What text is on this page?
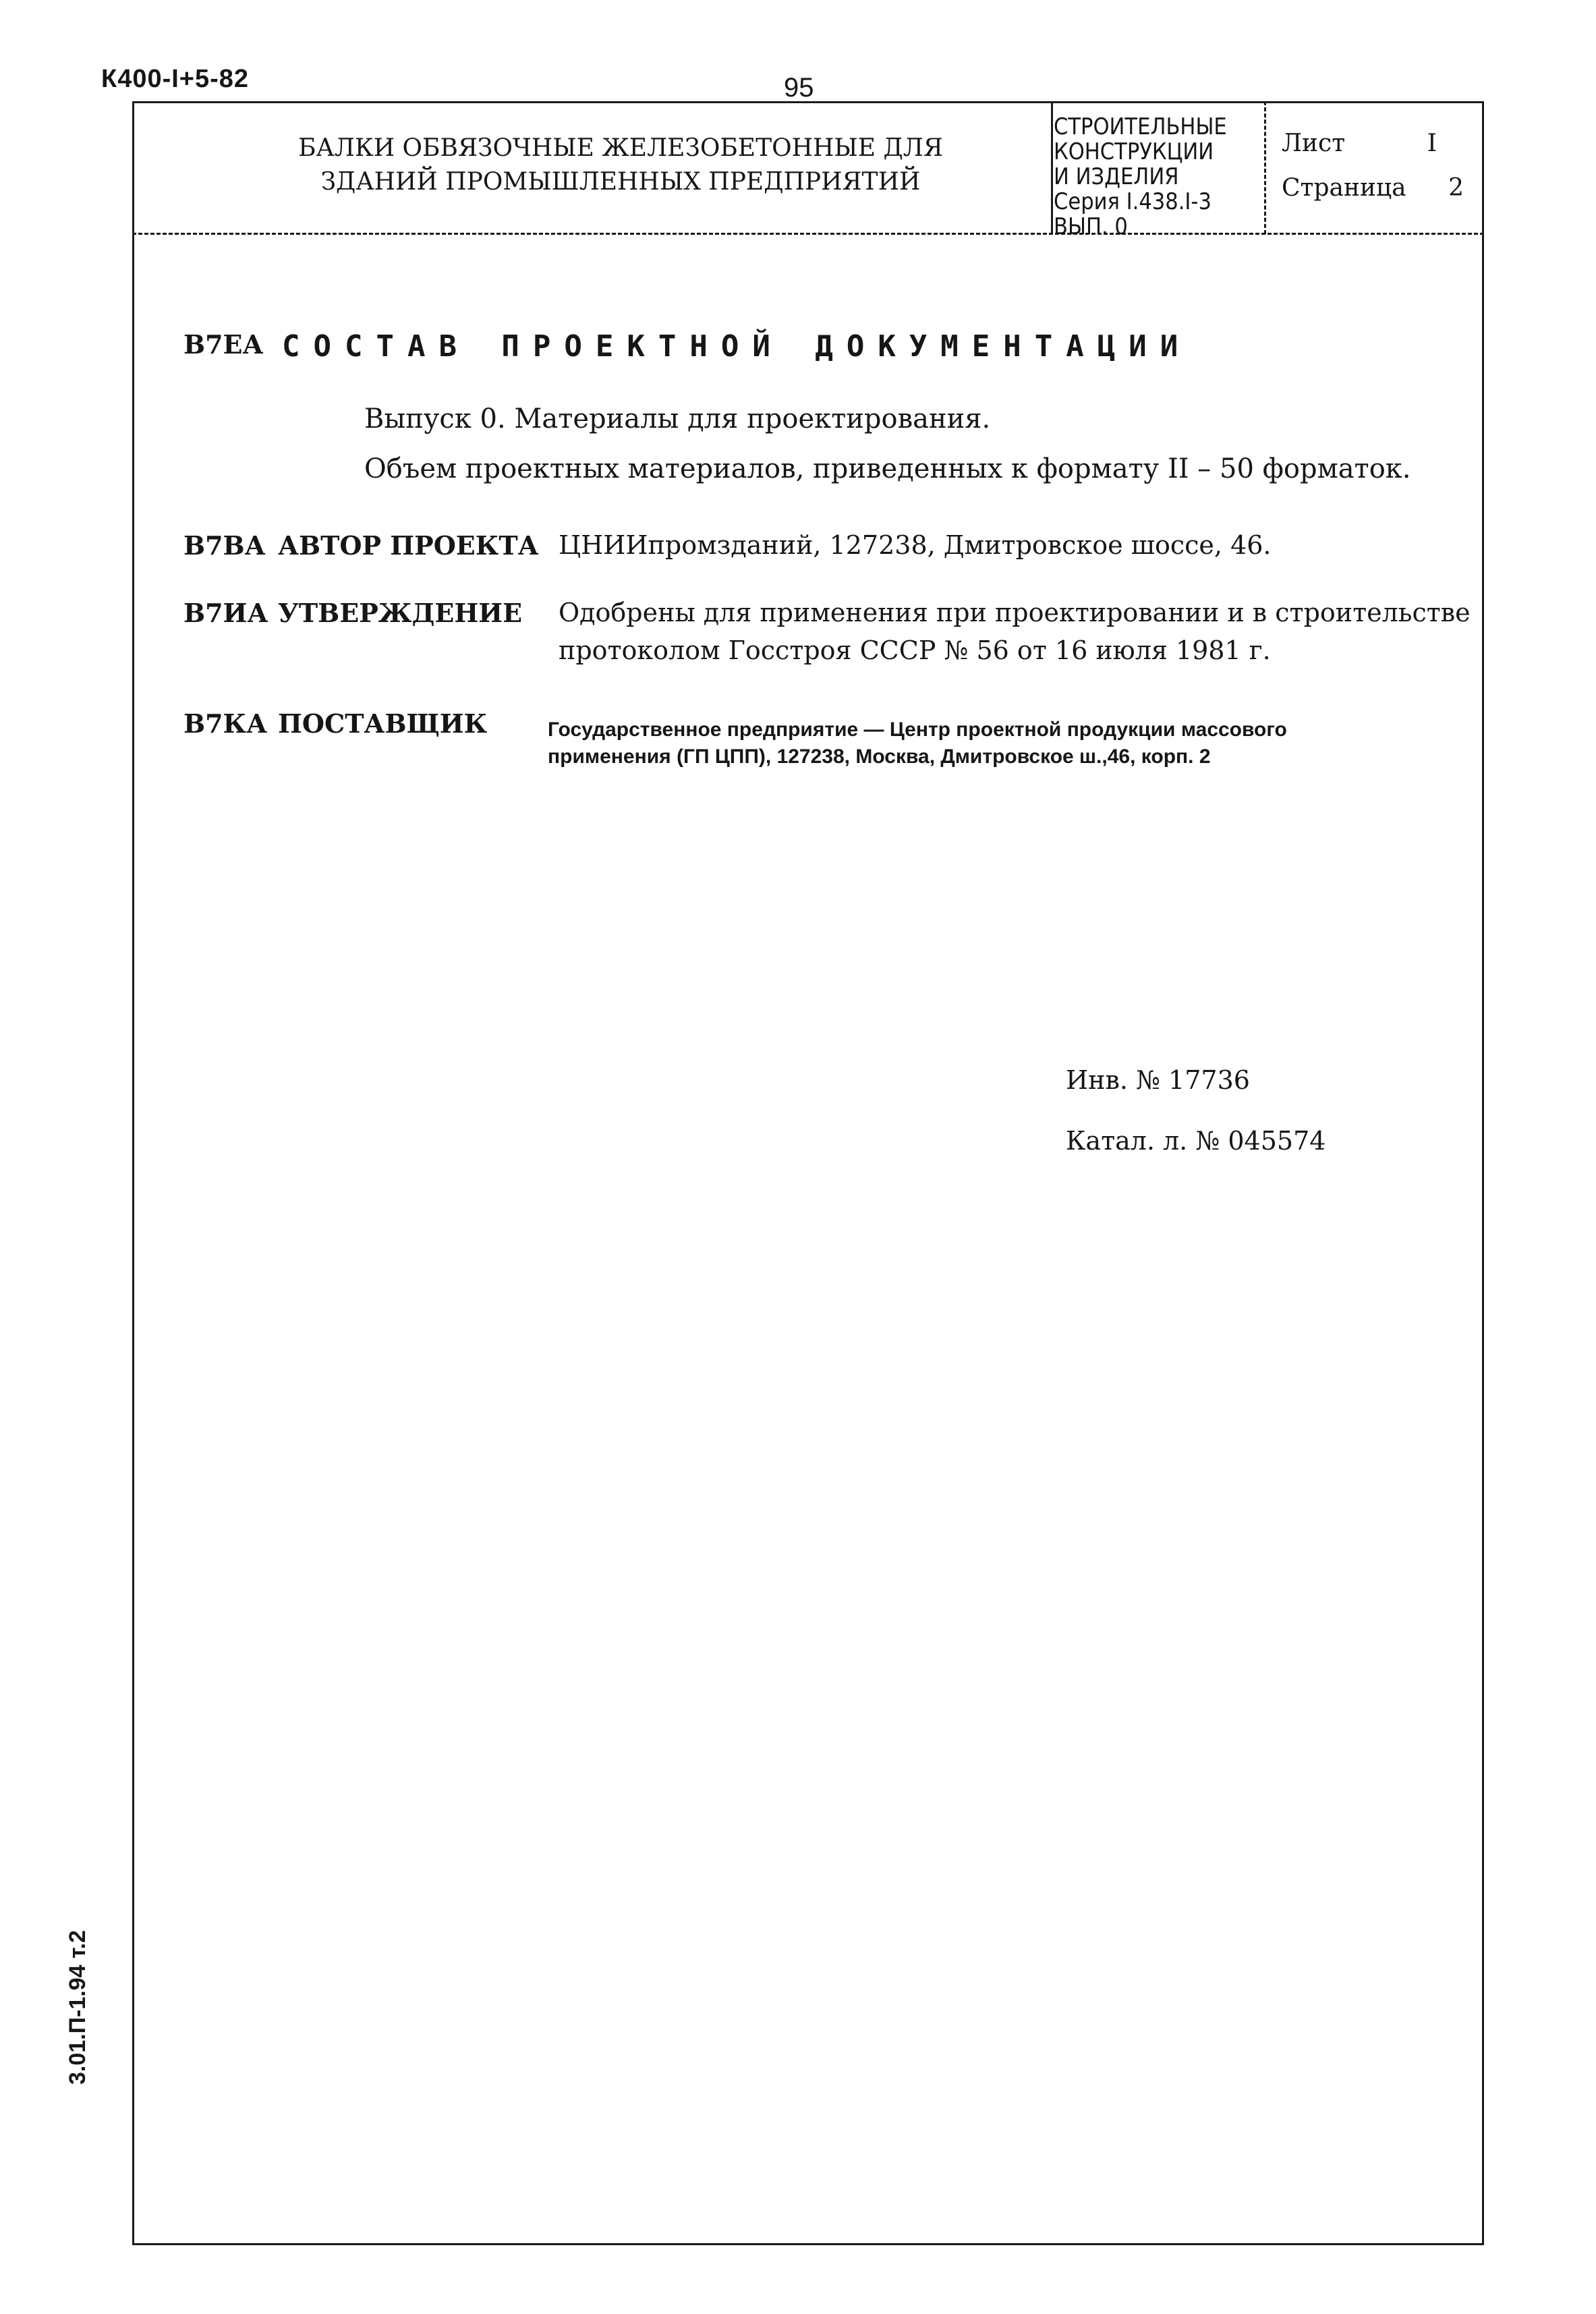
К400-I+5-82	95
БАЛКИ ОБВЯЗОЧНЫЕ ЖЕЛЕЗОБЕТОННЫЕ ДЛЯ
ЗДАНИЙ ПРОМЫШЛЕННЫХ ПРЕДПРИЯТИЙ
СТРОИТЕЛЬНЫЕ
КОНСТРУКЦИИ
И ИЗДЕЛИЯ
Серия I.438.I-3
ВЫП. 0
Лист	I
Страница 2
В7ЕА СОСТАВ ПРОЕКТНОЙ ДОКУМЕНТАЦИИ
Выпуск 0. Материалы для проектирования.
Объем проектных материалов, приведенных к формату II – 50 форматок.
В7ВА АВТОР ПРОЕКТА ЦНИИпромзданий, 127238, Дмитровское шоссе, 46.
В7ИА УТВЕРЖДЕНИЕ Одобрены для применения при проектировании и в строительстве
протоколом Госстроя СССР № 56 от 16 июля 1981 г.
В7КА ПОСТАВЩИК	Государственное предприятие — Центр проектной продукции массового
применения (ГП ЦПП), 127238, Москва, Дмитровское ш.,46, корп. 2
Инв. № 17736
Катал. л. № 045574
3.01.П-1.94 т.2
